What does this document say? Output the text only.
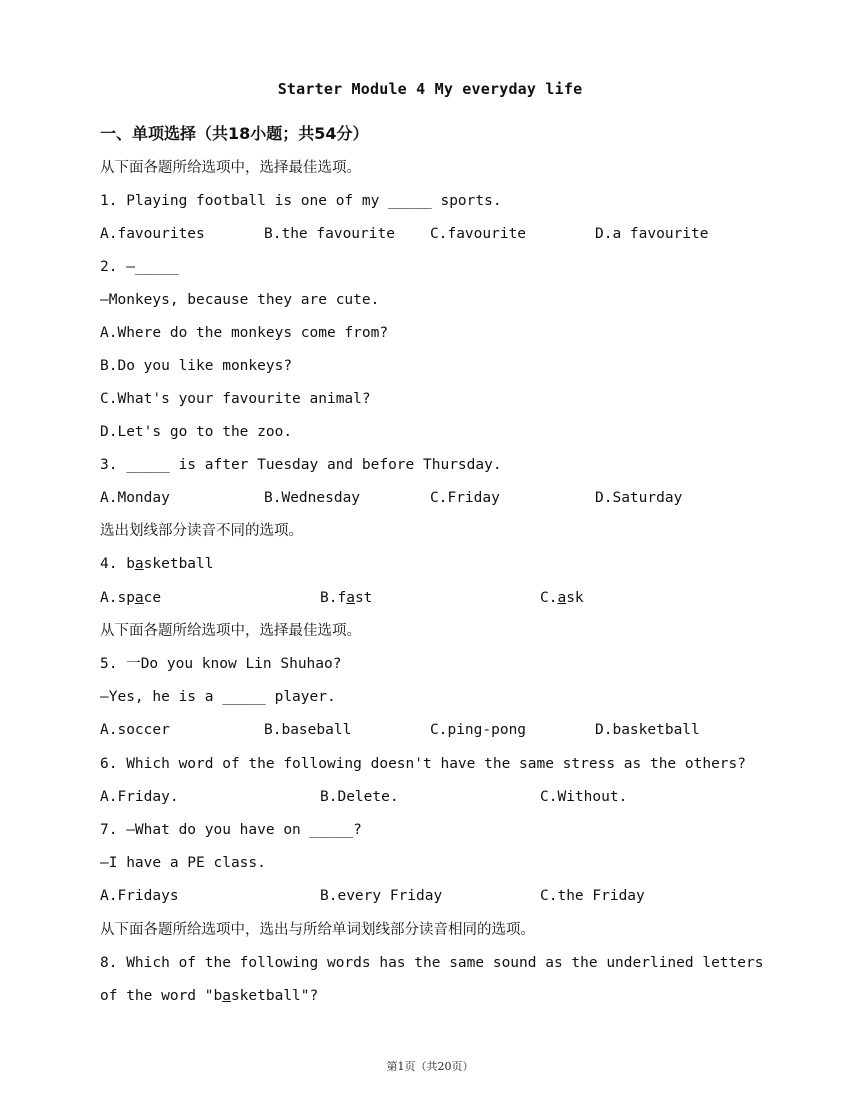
Starter Module 4 My everyday life
一、单项选择（共18小题；共54分）
从下面各题所给选项中，选择最佳选项。
1. Playing football is one of my _____ sports.
A.favourites	B.the favourite C.favourite	D.a favourite
2. —_____
—Monkeys, because they are cute.
A.Where do the monkeys come from?
B.Do you like monkeys?
C.What's your favourite animal?
D.Let's go to the zoo.
3. _____ is after Tuesday and before Thursday.
A.Monday	B.Wednesday	C.Friday	D.Saturday
选出划线部分读音不同的选项。
4. basketball
A.space	B.fast	C.ask
从下面各题所给选项中，选择最佳选项。
5. 一Do you know Lin Shuhao?
—Yes, he is a _____ player.
A.soccer	B.baseball	C.ping-pong	D.basketball
6. Which word of the following doesn't have the same stress as the others?
A.Friday.	B.Delete.	C.Without.
7. —What do you have on _____?
—I have a PE class.
A.Fridays	B.every Friday	C.the Friday
从下面各题所给选项中，选出与所给单词划线部分读音相同的选项。
8. Which of the following words has the same sound as the underlined letters
of the word "basketball"?
第1页（共20页）
